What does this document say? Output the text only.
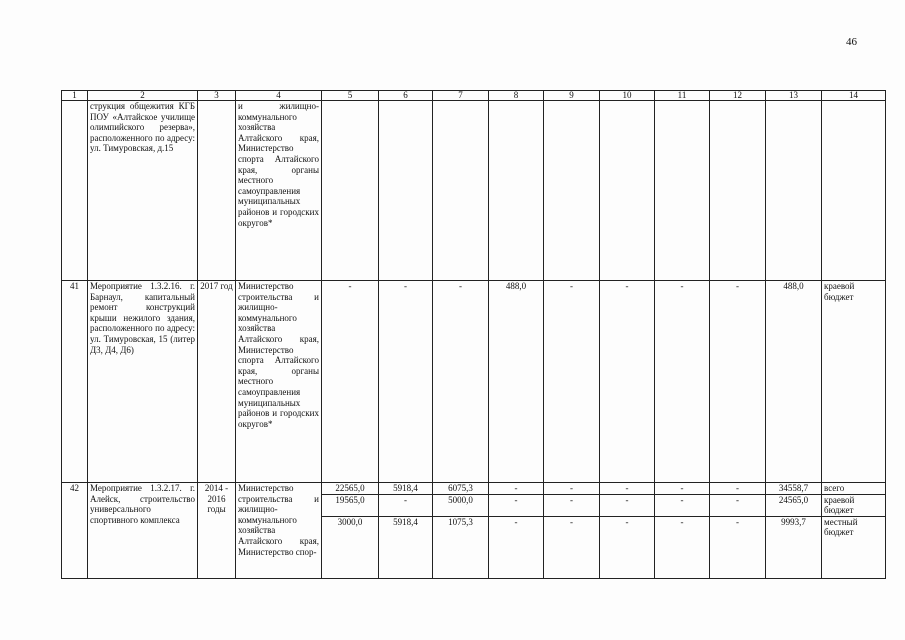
46
1	2	3	4	5	6	7	8	9	10	11	12	13	14
	струкция общежития КГБ ПОУ «Алтайское училище олимпийского резерва», расположенного по адресу: ул. Тимуровская, д.15		и жилищно-коммунального хозяйства Алтайского края, Министерство спорта Алтайского края, органы местного самоуправления муниципальных районов и городских округов*										
41	Мероприятие 1.3.2.16. г. Барнаул, капитальный ремонт конструкций крыши нежилого здания, расположенного по адресу: ул. Тимуровская, 15 (литер Д3, Д4, Д6)	2017 год	Министерство строительства и жилищно-коммунального хозяйства Алтайского края, Министерство спорта Алтайского края, органы местного самоуправления муниципальных районов и городских округов*	-	-	-	488,0	-	-	-	-	488,0	краевой бюджет
42	Мероприятие 1.3.2.17. г. Алейск, строительство универсального спортивного комплекса	2014 - 2016 годы	Министерство строительства и жилищно-коммунального хозяйства Алтайского края, Министерство спор-	22565,0	5918,4	6075,3	-	-	-	-	-	34558,7	всего
				19565,0	-	5000,0	-	-	-	-	-	24565,0	краевой бюджет
				3000,0	5918,4	1075,3	-	-	-	-	-	9993,7	местный бюджет
